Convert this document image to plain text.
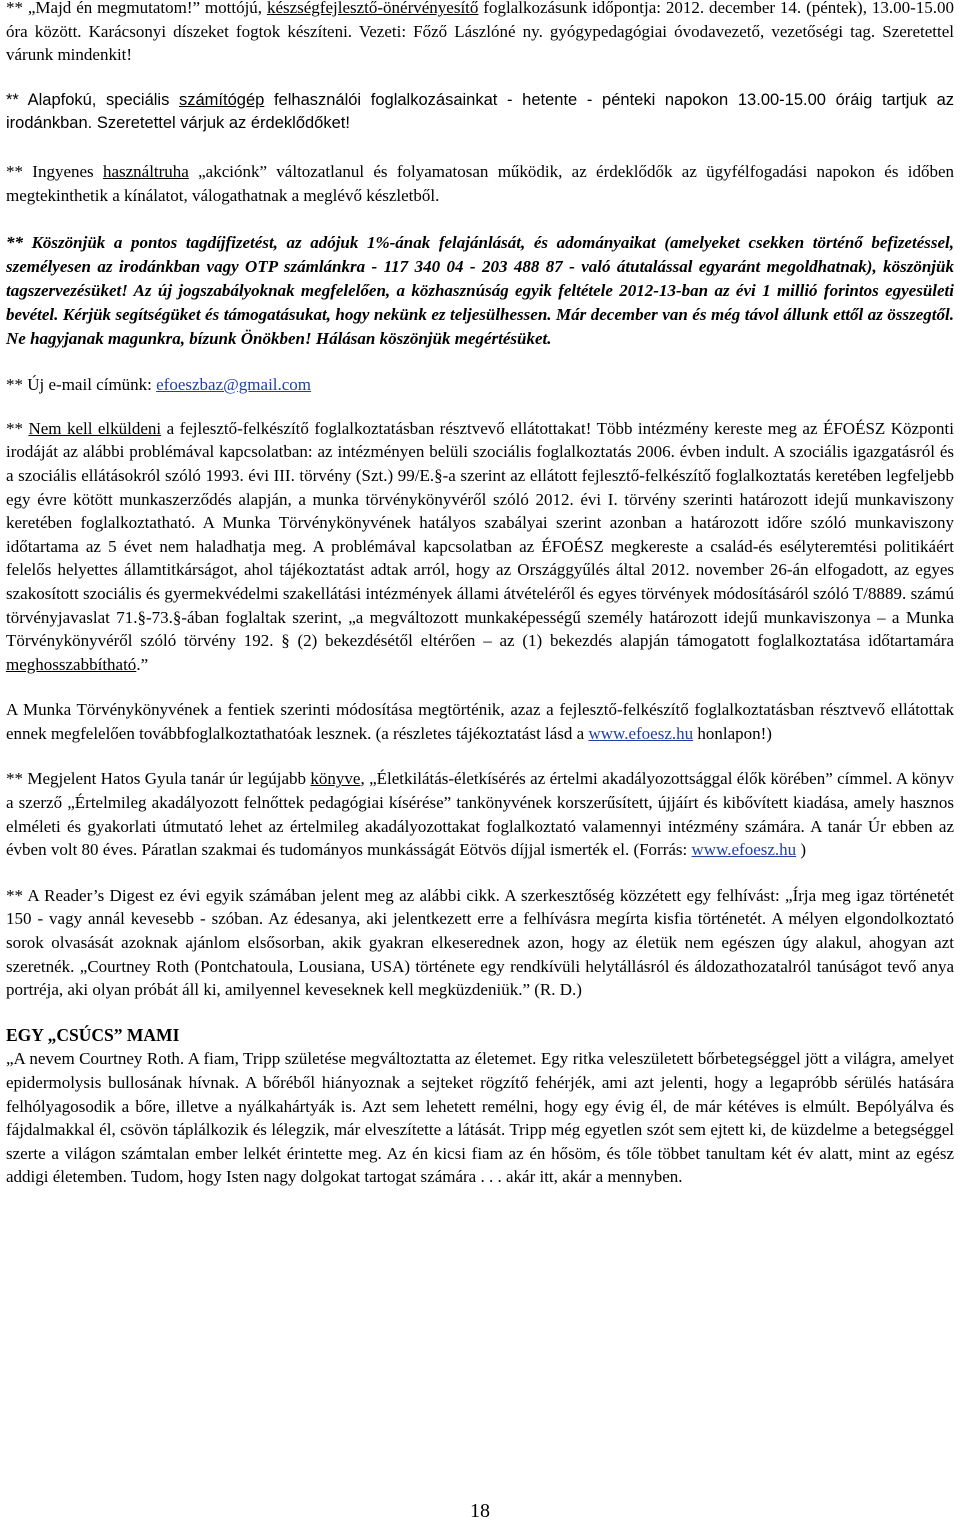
** „Majd én megmutatom!” mottójú, készségfejlesztő-önérvényesítő foglalkozásunk időpontja: 2012. december 14. (péntek), 13.00-15.00 óra között. Karácsonyi díszeket fogtok készíteni. Vezeti: Főző Lászlóné ny. gyógypedagógiai óvodavezető, vezetőségi tag. Szeretettel várunk mindenkit!

** Alapfokú, speciális számítógép felhasználói foglalkozásainkat - hetente - pénteki napokon 13.00-15.00 óráig tartjuk az irodánkban. Szeretettel várjuk az érdeklődőket!

** Ingyenes használtruha „akciónk” változatlanul és folyamatosan működik, az érdeklődők az ügyfélfogadási napokon és időben megtekinthetik a kínálatot, válogathatnak a meglévő készletből.

** Köszönjük a pontos tagdíjfizetést, az adójuk 1%-ának felajánlását, és adományaikat (amelyeket csekken történő befizetéssel, személyesen az irodánkban vagy OTP számlánkra - 117 340 04 - 203 488 87 - való átutalással egyaránt megoldhatnak), köszönjük tagszervezésüket! Az új jogszabályoknak megfelelően, a közhasznúság egyik feltétele 2012-13-ban az évi 1 millió forintos egyesületi bevétel. Kérjük segítségüket és támogatásukat, hogy nekünk ez teljesülhessen. Már december van és még távol állunk ettől az összegtől. Ne hagyjanak magunkra, bízunk Önökben! Hálásan köszönjük megértésüket.

** Új e-mail címünk: efoeszbaz@gmail.com

** Nem kell elküldeni a fejlesztő-felkészítő foglalkoztatásban résztvevő ellátottakat! Több intézmény kereste meg az ÉFOÉSZ Központi irodáját az alábbi problémával kapcsolatban: az intézményen belüli szociális foglalkoztatás 2006. évben indult. A szociális igazgatásról és a szociális ellátásokról szóló 1993. évi III. törvény (Szt.) 99/E.§-a szerint az ellátott fejlesztő-felkészítő foglalkoztatás keretében legfeljebb egy évre kötött munkaszerződés alapján, a munka törvénykönyvéről szóló 2012. évi I. törvény szerinti határozott idejű munkaviszony keretében foglalkoztatható. A Munka Törvénykönyvének hatályos szabályai szerint azonban a határozott időre szóló munkaviszony időtartama az 5 évet nem haladhatja meg. A problémával kapcsolatban az ÉFOÉSZ megkereste a család-és esélyteremtési politikáért felelős helyettes államtitkárságot, ahol tájékoztatást adtak arról, hogy az Országgyűlés által 2012. november 26-án elfogadott, az egyes szakosított szociális és gyermekvédelmi szakellátási intézmények állami átvételéről és egyes törvények módosításáról szóló T/8889. számú törvényjavaslat 71.§-73.§-ában foglaltak szerint, „a megváltozott munkaképességű személy határozott idejű munkaviszonya – a Munka Törvénykönyvéről szóló törvény 192. § (2) bekezdésétől eltérően – az (1) bekezdés alapján támogatott foglalkoztatása időtartamára meghosszabbítható.”

A Munka Törvénykönyvének a fentiek szerinti módosítása megtörténik, azaz a fejlesztő-felkészítő foglalkoztatásban résztvevő ellátottak ennek megfelelően továbbfoglalkoztathatóak lesznek. (a részletes tájékoztatást lásd a www.efoesz.hu honlapon!)

** Megjelent Hatos Gyula tanár úr legújabb könyve, „Életkilátás-életkísérés az értelmi akadályozottsággal élők körében” címmel. A könyv a szerző „Értelmileg akadályozott felnőttek pedagógiai kísérése” tankönyvének korszerűsített, újjáírt és kibővített kiadása, amely hasznos elméleti és gyakorlati útmutató lehet az értelmileg akadályozottakat foglalkoztató valamennyi intézmény számára. A tanár Úr ebben az évben volt 80 éves. Páratlan szakmai és tudományos munkásságát Eötvös díjjal ismerték el. (Forrás: www.efoesz.hu )

** A Reader’s Digest ez évi egyik számában jelent meg az alábbi cikk. A szerkesztőség közzétett egy felhívást: „Írja meg igaz történetét 150 - vagy annál kevesebb - szóban. Az édesanya, aki jelentkezett erre a felhívásra megírta kisfia történetét. A mélyen elgondolkoztató sorok olvasását azoknak ajánlom elsősorban, akik gyakran elkeserednek azon, hogy az életük nem egészen úgy alakul, ahogyan azt szeretnék. „Courtney Roth (Pontchatoula, Lousiana, USA) története egy rendkívüli helytállásról és áldozathozatalról tanúságot tevő anya portréja, aki olyan próbát áll ki, amilyennel keveseknek kell megküzdeniük.” (R. D.)

EGY „CSÚCS” MAMI

„A nevem Courtney Roth. A fiam, Tripp születése megváltoztatta az életemet. Egy ritka veleszületett bőrbetegséggel jött a világra, amelyet epidermolysis bullosának hívnak. A bőréből hiányoznak a sejteket rögzítő fehérjék, ami azt jelenti, hogy a legapróbb sérülés hatására felhólyagosodik a bőre, illetve a nyálkahártyák is. Azt sem lehetett remélni, hogy egy évig él, de már kétéves is elmúlt. Bepólyálva és fájdalmakkal él, csövön táplálkozik és lélegzik, már elveszítette a látását. Tripp még egyetlen szót sem ejtett ki, de küzdelme a betegséggel szerte a világon számtalan ember lelkét érintette meg. Az én kicsi fiam az én hősöm, és tőle többet tanultam két év alatt, mint az egész addigi életemben. Tudom, hogy Isten nagy dolgokat tartogat számára . . . akár itt, akár a mennyben.

18
